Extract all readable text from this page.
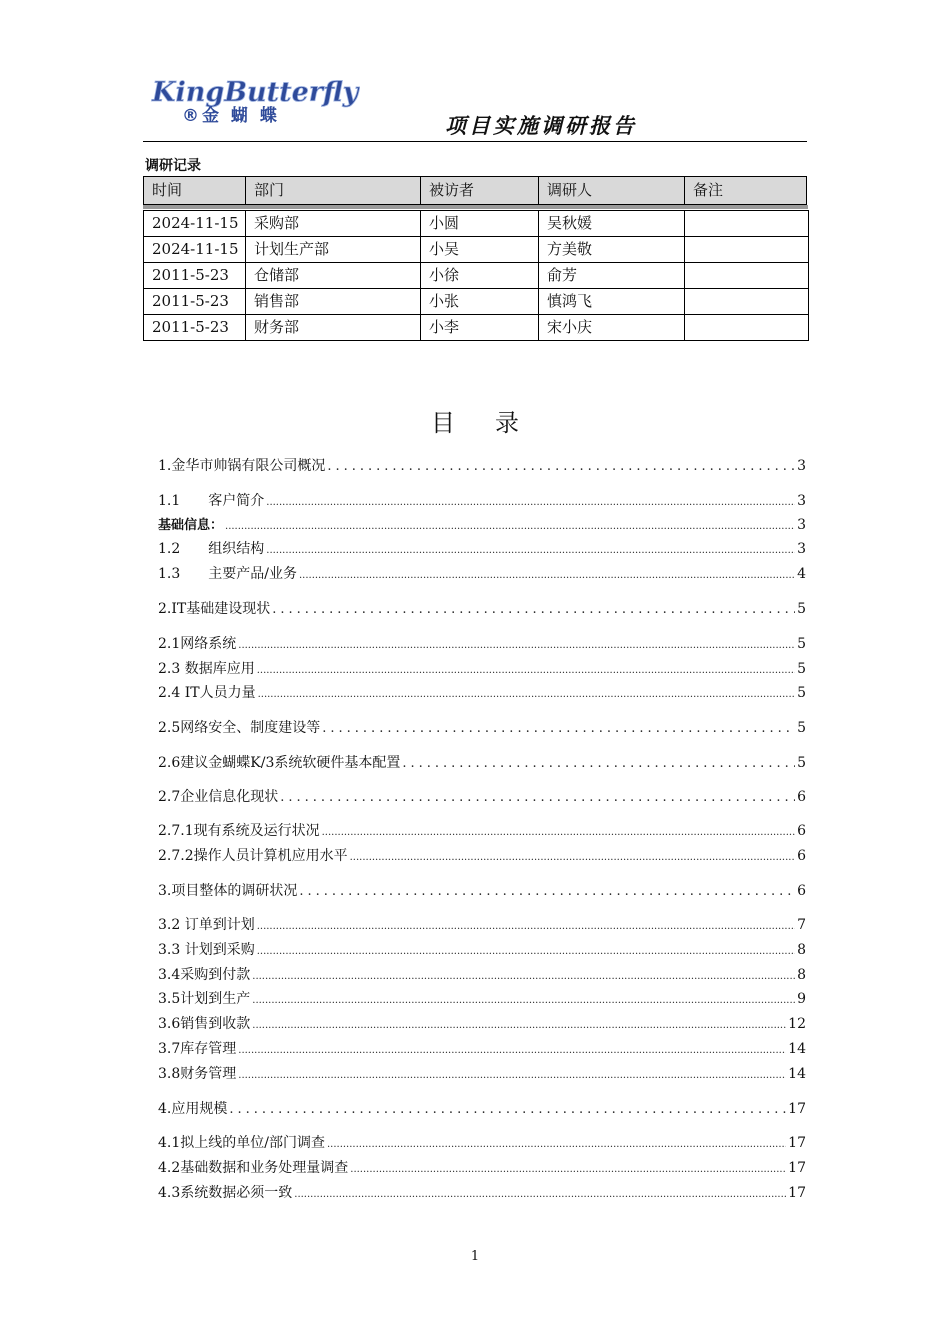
KingButterfly
®金 蝴 蝶	项目实施调研报告
调研记录
时间	部门	被访者	调研人	备注
2024-11-15	采购部	小圆	吴秋媛
2024-11-15	计划生产部	小吴	方美敬
2011-5-23	仓储部	小徐	俞芳
2011-5-23	销售部	小张	慎鸿飞
2011-5-23	财务部	小李	宋小庆
目录
1.金华市帅锅有限公司概况 .....	3
1.1　　客户简介 .....	3
基础信息： .....	3
1.2　　组织结构 .....	3
1.3　　主要产品/业务 .....	4
2.IT基础建设现状 .....	5
2.1网络系统 .....	5
2.3 数据库应用 .....	5
2.4 IT人员力量 .....	5
2.5网络安全、制度建设等 .....	5
2.6建议金蝴蝶K/3系统软硬件基本配置 .....	5
2.7企业信息化现状 .....	6
2.7.1现有系统及运行状况 .....	6
2.7.2操作人员计算机应用水平 .....	6
3.项目整体的调研状况 .....	6
3.2 订单到计划 .....	7
3.3 计划到采购 .....	8
3.4采购到付款 .....	8
3.5计划到生产 .....	9
3.6销售到收款 .....	12
3.7库存管理 .....	14
3.8财务管理 .....	14
4.应用规模 .....	17
4.1拟上线的单位/部门调查 .....	17
4.2基础数据和业务处理量调查 .....	17
4.3系统数据必须一致 .....	17
1
